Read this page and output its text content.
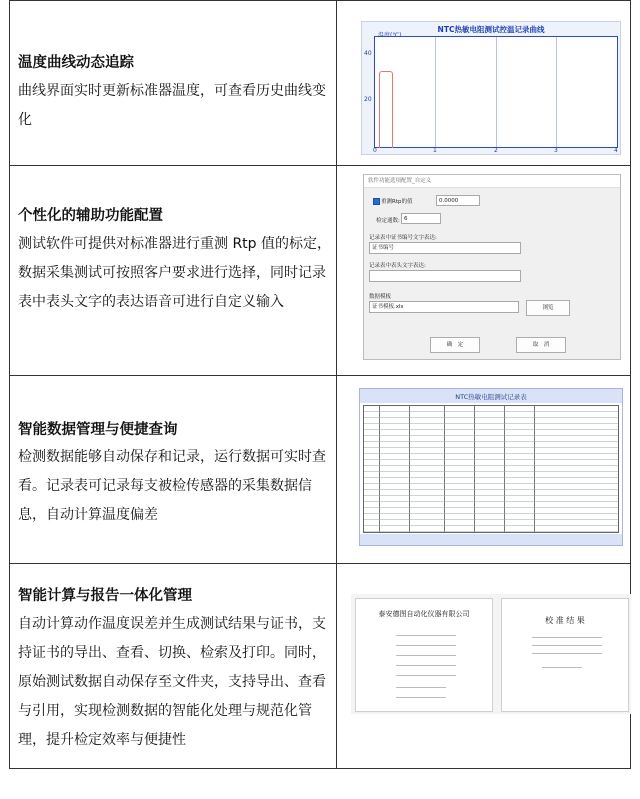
温度曲线动态追踪
曲线界面实时更新标准器温度，可查看历史曲线变
化
NTC热敏电阻测试控温记录曲线
40
20
0	1	2	3	4
个性化的辅助功能配置
测试软件可提供对标准器进行重测 Rtp 值的标定，
数据采集测试可按照客户要求进行选择，同时记录
表中表头文字的表达语音可进行自定义输入
软件功能选项配置_自定义
重测Rtp的值	0.0000
检定通数: 6
记录表中证书编号文字表达:
证书编号
记录表中表头文字表达:
数据模板
证书模板.xls	浏览
确　定	取　消
智能数据管理与便捷查询
检测数据能够自动保存和记录，运行数据可实时查
看。记录表可记录每支被检传感器的采集数据信
息，自动计算温度偏差
NTC热敏电阻测试记录表
智能计算与报告一体化管理
自动计算动作温度误差并生成测试结果与证书，支
持证书的导出、查看、切换、检索及打印。同时，
原始测试数据自动保存至文件夹，支持导出、查看
与引用，实现检测数据的智能化处理与规范化管
理，提升检定效率与便捷性
泰安德图自动化仪器有限公司
校 准 结 果
